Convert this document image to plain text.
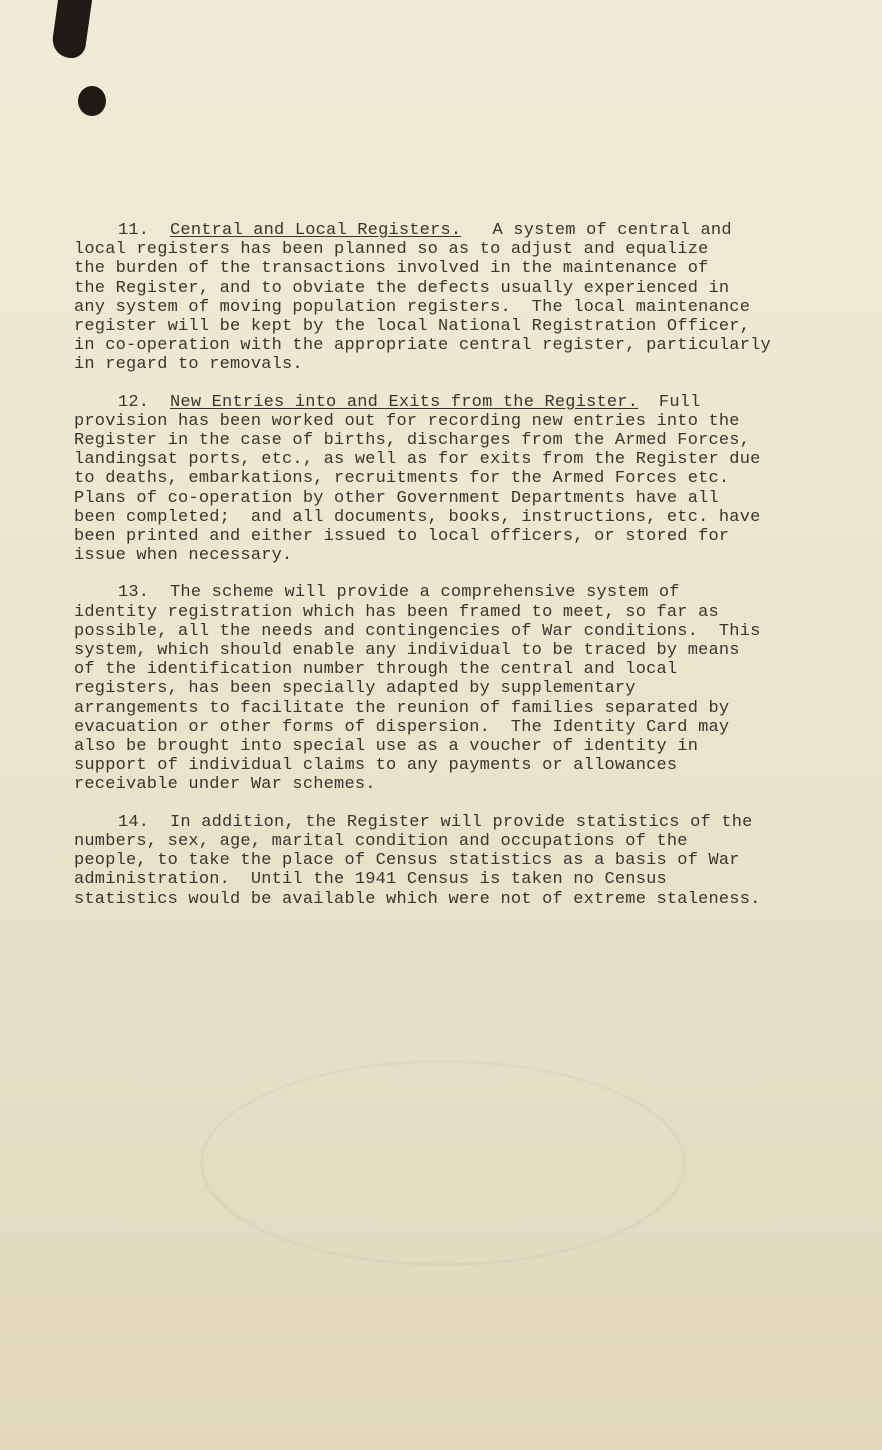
11. Central and Local Registers.   A system of central and
local registers has been planned so as to adjust and equalize
the burden of the transactions involved in the maintenance of
the Register, and to obviate the defects usually experienced in
any system of moving population registers.  The local maintenance
register will be kept by the local National Registration Officer,
in co-operation with the appropriate central register, particularly
in regard to removals.
12. New Entries into and Exits from the Register.  Full
provision has been worked out for recording new entries into the
Register in the case of births, discharges from the Armed Forces,
landingsat ports, etc., as well as for exits from the Register due
to deaths, embarkations, recruitments for the Armed Forces etc.
Plans of co-operation by other Government Departments have all
been completed;  and all documents, books, instructions, etc. have
been printed and either issued to local officers, or stored for
issue when necessary.
13. The scheme will provide a comprehensive system of
identity registration which has been framed to meet, so far as
possible, all the needs and contingencies of War conditions.  This
system, which should enable any individual to be traced by means
of the identification number through the central and local
registers, has been specially adapted by supplementary
arrangements to facilitate the reunion of families separated by
evacuation or other forms of dispersion.  The Identity Card may
also be brought into special use as a voucher of identity in
support of individual claims to any payments or allowances
receivable under War schemes.
14. In addition, the Register will provide statistics of the
numbers, sex, age, marital condition and occupations of the
people, to take the place of Census statistics as a basis of War
administration.  Until the 1941 Census is taken no Census
statistics would be available which were not of extreme staleness.
